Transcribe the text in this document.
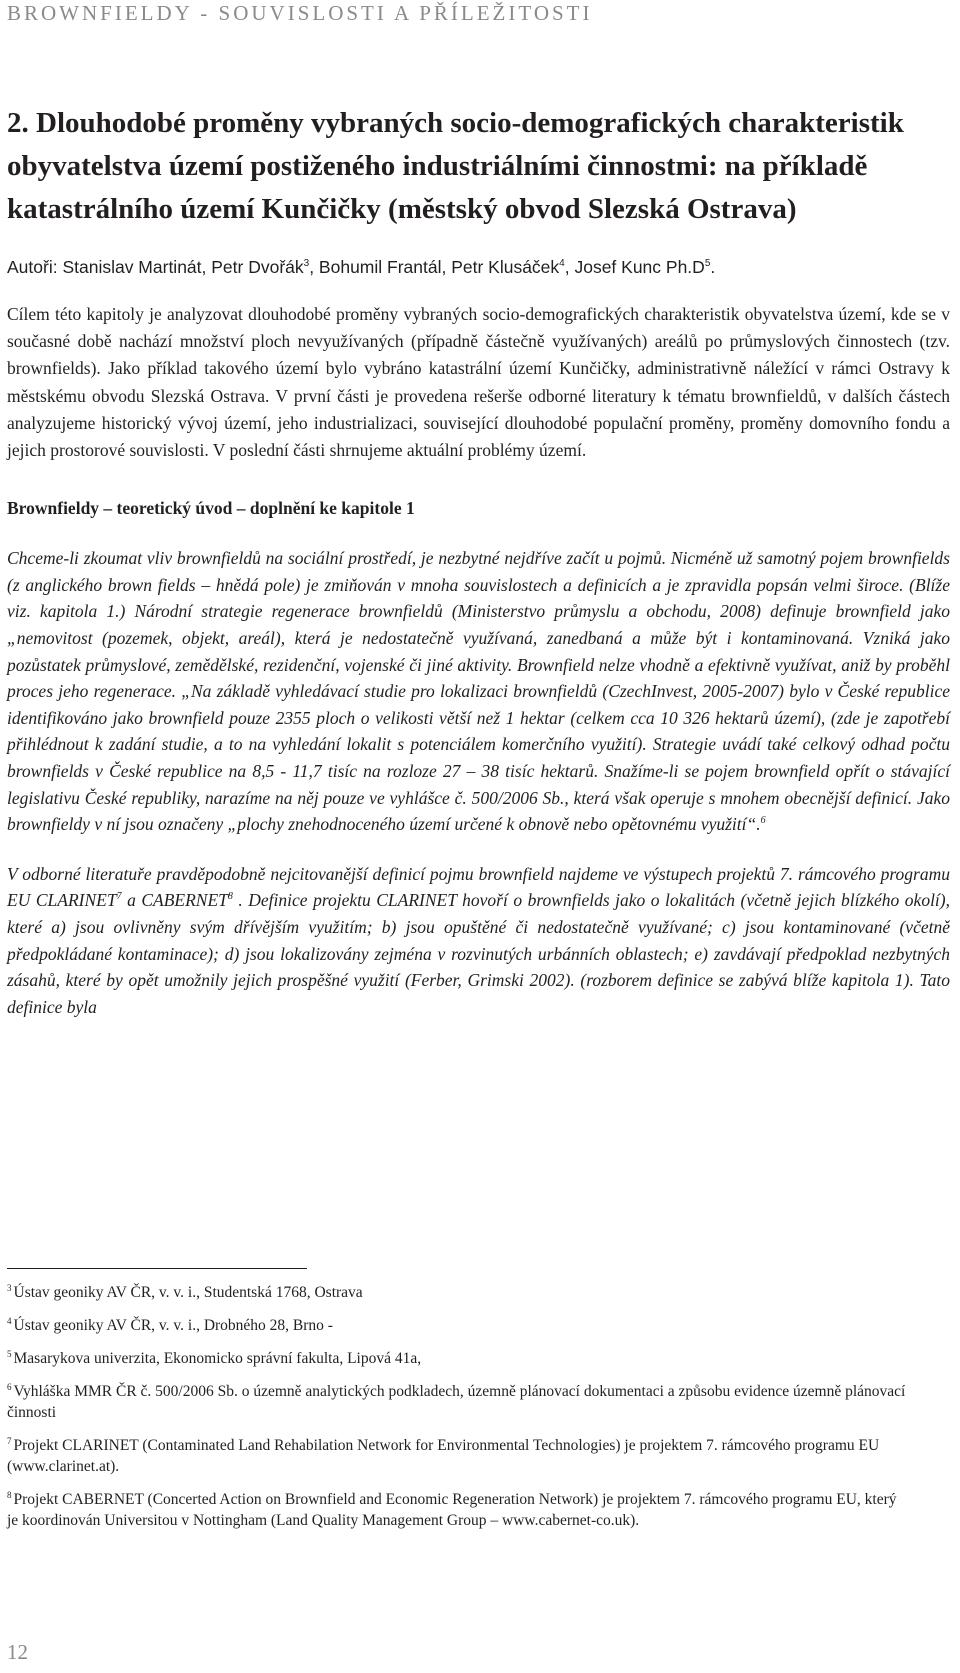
BROWNFIELDY - SOUVISLOSTI A PŘÍLEŽITOSTI
2. Dlouhodobé proměny vybraných socio-demografických charakteristik obyvatelstva území postiženého industriálními činnostmi: na příkladě katastrálního území Kunčičky (městský obvod Slezská Ostrava)

Autoři: Stanislav Martinát, Petr Dvořák$^3$, Bohumil Frantál, Petr Klusáček$^4$, Josef Kunc $Ph.D^5$.

Cílem této kapitoly je analyzovat dlouhodobé proměny vybraných socio-demografických charakteristik obyvatelstva území, kde se v současné době nachází množství ploch nevyužívaných (případně částečně využívaných) areálů po průmyslových činnostech (tzv. brownfields). Jako příklad takového území bylo vybráno katastrální území Kunčičky, administrativně náležící v rámci Ostravy k městskému obvodu Slezská Ostrava. V první části je provedena rešerše odborné literatury k tématu brownfieldů, v dalších částech analyzujeme historický vývoj území, jeho industrializaci, související dlouhodobé populační proměny, proměny domovního fondu a jejich prostorové souvislosti. V poslední části shrnujeme aktuální problémy území.

Brownfieldy – teoretický úvod – doplnění ke kapitole 1

Chceme-li zkoumat vliv brownfieldů na sociální prostředí, je nezbytné nejdříve začít u pojmů. Nicméně už samotný pojem brownfields (z anglického brown fields – hnědá pole) je zmiňován v mnoha souvislostech a definicích a je zpravidla popsán velmi široce. (Blíže viz. kapitola 1.) Národní strategie regenerace brownfieldů (Ministerstvo průmyslu a obchodu, 2008) definuje brownfield jako „nemovitost (pozemek, objekt, areál), která je nedostatečně využívaná, zanedbaná a může být i kontaminovaná. Vzniká jako pozůstatek průmyslové, zemědělské, rezidenční, vojenské či jiné aktivity. Brownfield nelze vhodně a efektivně využívat, aniž by proběhl proces jeho regenerace. „Na základě vyhledávací studie pro lokalizaci brownfieldů (CzechInvest, 2005-2007) bylo v České republice identifikováno jako brownfield pouze 2355 ploch o velikosti větší než 1 hektar (celkem cca 10 326 hektarů území), (zde je zapotřebí přihlédnout k zadání studie, a to na vyhledání lokalit s potenciálem komerčního využití). Strategie uvádí také celkový odhad počtu brownfields v České republice na 8,5 - 11,7 tisíc na rozloze 27 – 38 tisíc hektarů. Snažíme-li se pojem brownfield opřít o stávající legislativu České republiky, narazíme na něj pouze ve vyhlášce č. 500/2006 Sb., která však operuje s mnohem obecnější definicí. Jako brownfieldy v ní jsou označeny „plochy znehodnoceného území určené k obnově nebo opětovnému využití“.$^6$

V odborné literatuře pravděpodobně nejcitovanější definicí pojmu brownfield najdeme ve výstupech projektů 7. rámcového programu EU CLARINET$^7$ a CABERNET$^8$ . Definice projektu CLARINET hovoří o brownfields jako o lokalitách (včetně jejich blízkého okolí), které a) jsou ovlivněny svým dřívějším využitím; b) jsou opuštěné či nedostatečně využívané; c) jsou kontaminované (včetně předpokládané kontaminace); d) jsou lokalizovány zejména v rozvinutých urbánních oblastech; e) zavdávají předpoklad nezbytných zásahů, které by opět umožnily jejich prospěšné využití (Ferber, Grimski 2002). (rozborem definice se zabývá blíže kapitola 1). Tato definice byla

$^3$ Ústav geoniky AV ČR, v. v. i., Studentská 1768, Ostrava

$^4$ Ústav geoniky AV ČR, v. v. i., Drobného 28, Brno -

$^5$ Masarykova univerzita, Ekonomicko správní fakulta, Lipová 41a,

$^6$ Vyhláška MMR ČR č. 500/2006 Sb. o územně analytických podkladech, územně plánovací dokumentaci a způsobu evidence územně plánovací činnosti

$^7$ Projekt CLARINET (Contaminated Land Rehabilation Network for Environmental Technologies) je projektem 7. rámcového programu EU (www.clarinet.at).

$^8$ Projekt CABERNET (Concerted Action on Brownfield and Economic Regeneration Network) je projektem 7. rámcového programu EU, který je koordinován Universitou v Nottingham (Land Quality Management Group – www.cabernet-co.uk).

12
